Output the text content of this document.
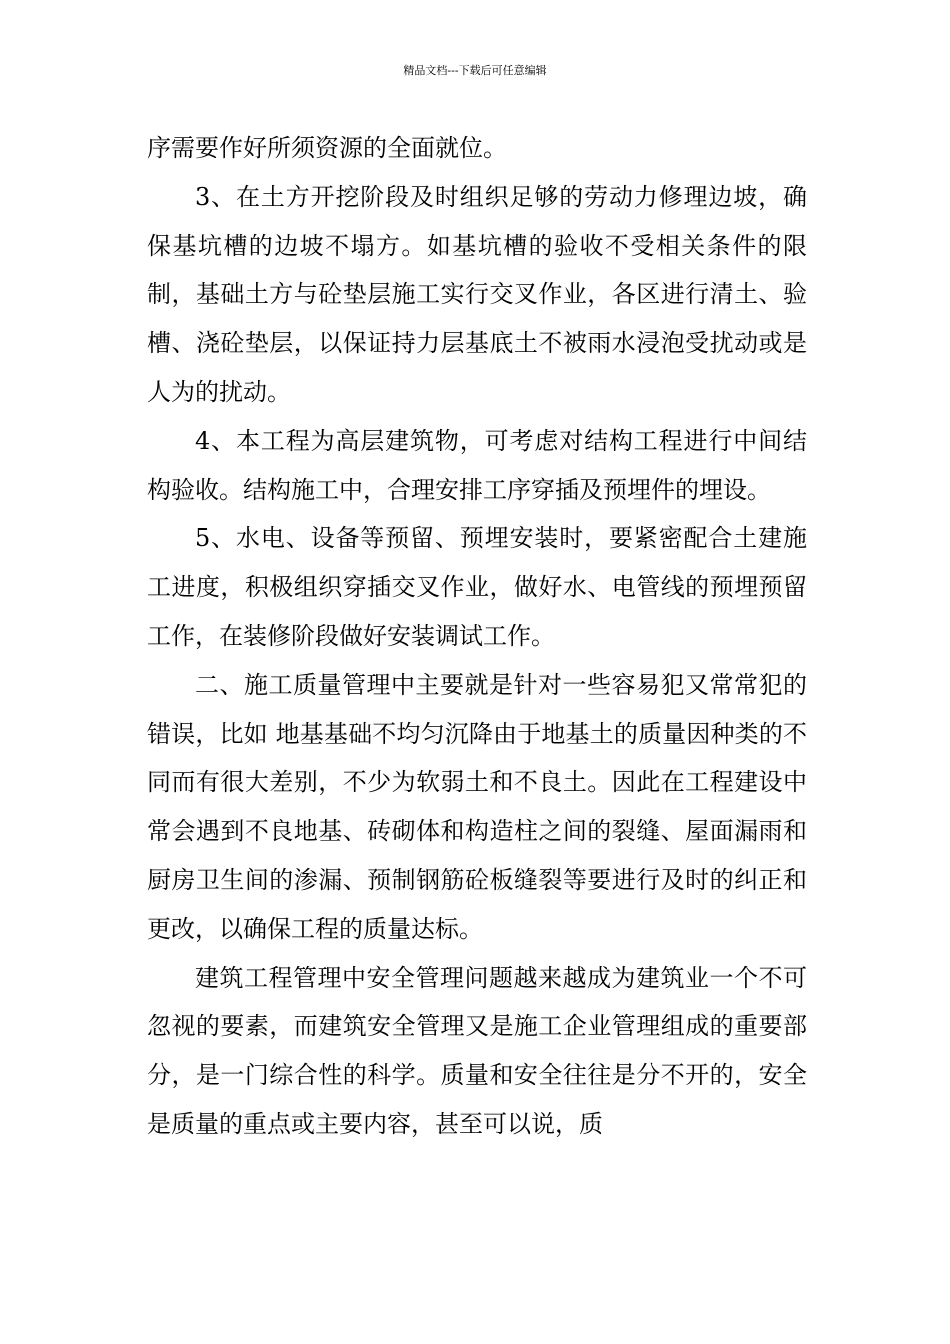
精品文档---下载后可任意编辑

序需要作好所须资源的全面就位。

3、在土方开挖阶段及时组织足够的劳动力修理边坡，确保基坑槽的边坡不塌方。如基坑槽的验收不受相关条件的限制，基础土方与砼垫层施工实行交叉作业，各区进行清土、验槽、浇砼垫层，以保证持力层基底土不被雨水浸泡受扰动或是人为的扰动。

4、本工程为高层建筑物，可考虑对结构工程进行中间结构验收。结构施工中，合理安排工序穿插及预埋件的埋设。

5、水电、设备等预留、预埋安装时，要紧密配合土建施工进度，积极组织穿插交叉作业，做好水、电管线的预埋预留工作，在装修阶段做好安装调试工作。

二、施工质量管理中主要就是针对一些容易犯又常常犯的错误，比如 地基基础不均匀沉降由于地基土的质量因种类的不同而有很大差别，不少为软弱土和不良土。因此在工程建设中常会遇到不良地基、砖砌体和构造柱之间的裂缝、屋面漏雨和厨房卫生间的渗漏、预制钢筋砼板缝裂等要进行及时的纠正和更改，以确保工程的质量达标。

建筑工程管理中安全管理问题越来越成为建筑业一个不可忽视的要素，而建筑安全管理又是施工企业管理组成的重要部分，是一门综合性的科学。质量和安全往往是分不开的，安全是质量的重点或主要内容，甚至可以说，质
